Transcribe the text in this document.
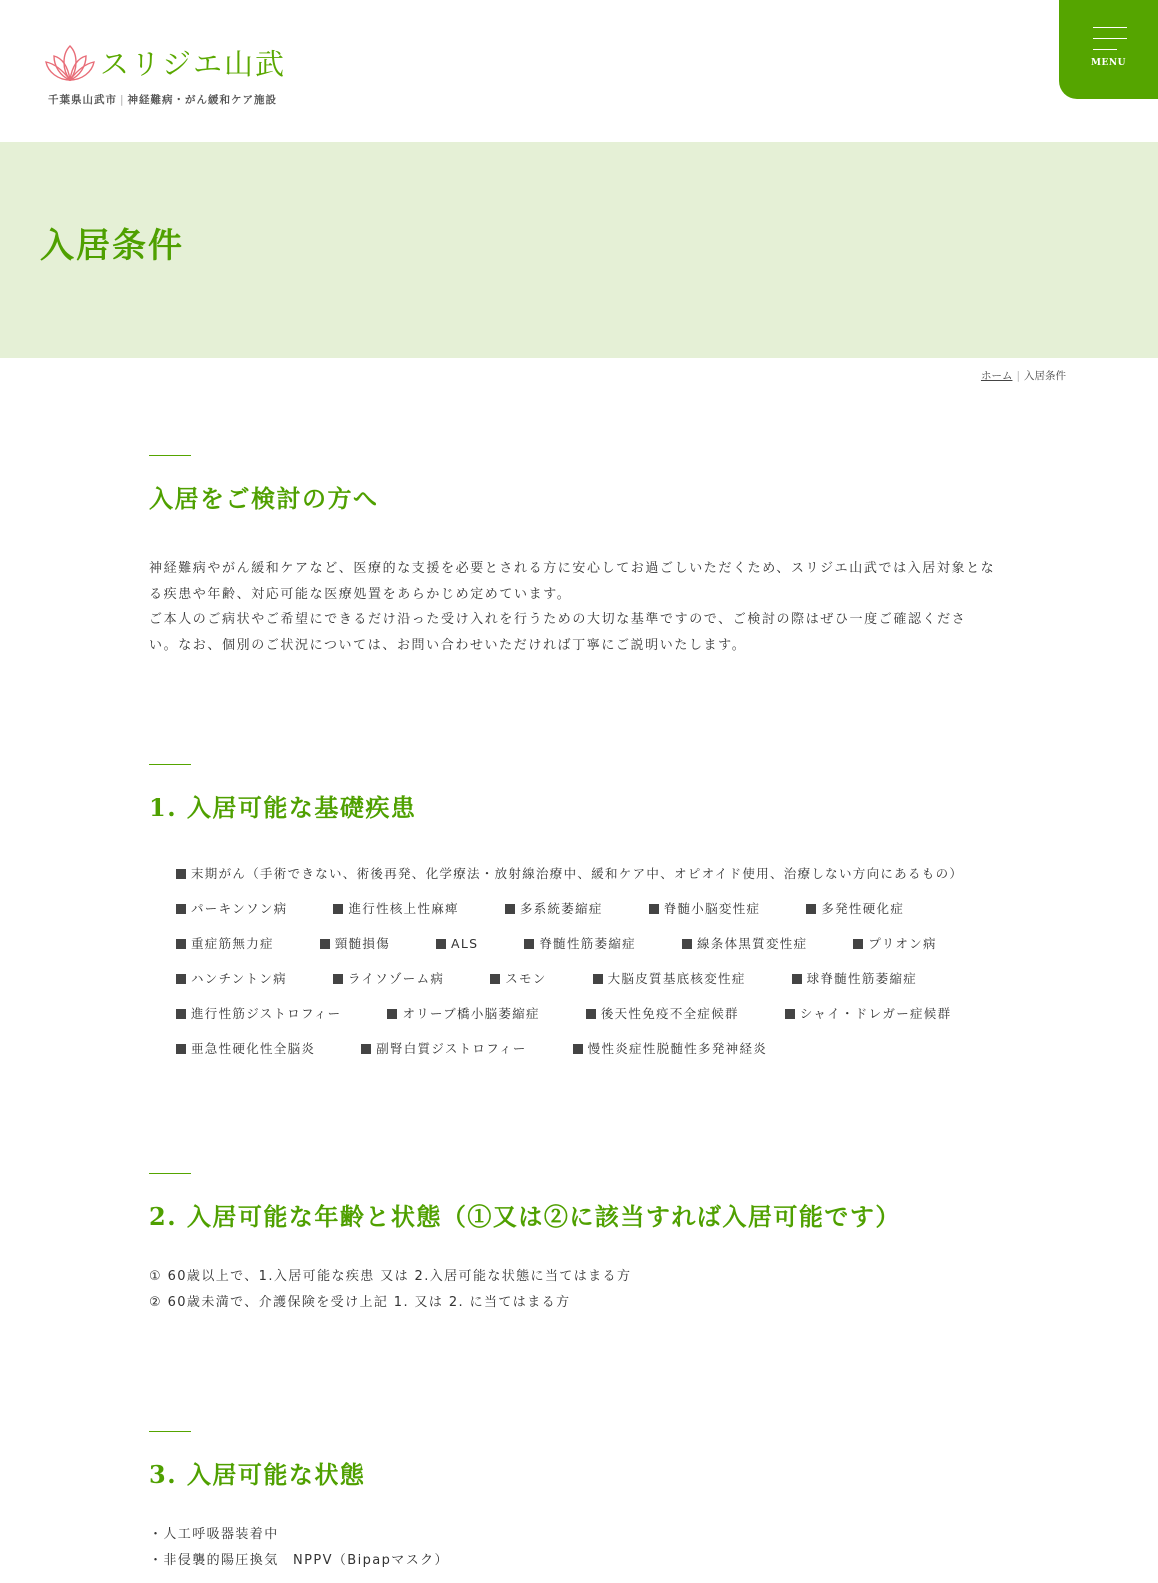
スリジエ山武
千葉県山武市 | 神経難病・がん緩和ケア施設
MENU
入居条件
ホーム | 入居条件
入居をご検討の方へ
神経難病やがん緩和ケアなど、医療的な支援を必要とされる方に安心してお過ごしいただくため、スリジエ山武では入居対象とな
る疾患や年齢、対応可能な医療処置をあらかじめ定めています。
ご本人のご病状やご希望にできるだけ沿った受け入れを行うための大切な基準ですので、ご検討の際はぜひ一度ご確認くださ
い。なお、個別のご状況については、お問い合わせいただければ丁寧にご説明いたします。
1. 入居可能な基礎疾患
末期がん（手術できない、術後再発、化学療法・放射線治療中、緩和ケア中、オピオイド使用、治療しない方向にあるもの）
パーキンソン病	進行性核上性麻痺	多系統萎縮症	脊髄小脳変性症	多発性硬化症
重症筋無力症	頸髄損傷	ALS	脊髄性筋萎縮症	線条体黒質変性症	プリオン病
ハンチントン病	ライソゾーム病	スモン	大脳皮質基底核変性症	球脊髄性筋萎縮症
進行性筋ジストロフィー	オリーブ橋小脳萎縮症	後天性免疫不全症候群	シャイ・ドレガー症候群
亜急性硬化性全脳炎	副腎白質ジストロフィー	慢性炎症性脱髄性多発神経炎
2. 入居可能な年齢と状態（①又は②に該当すれば入居可能です）
① 60歳以上で、1.入居可能な疾患 又は 2.入居可能な状態に当てはまる方
② 60歳未満で、介護保険を受け上記 1. 又は 2. に当てはまる方
3. 入居可能な状態
・人工呼吸器装着中
・非侵襲的陽圧換気　NPPV（Bipapマスク）
